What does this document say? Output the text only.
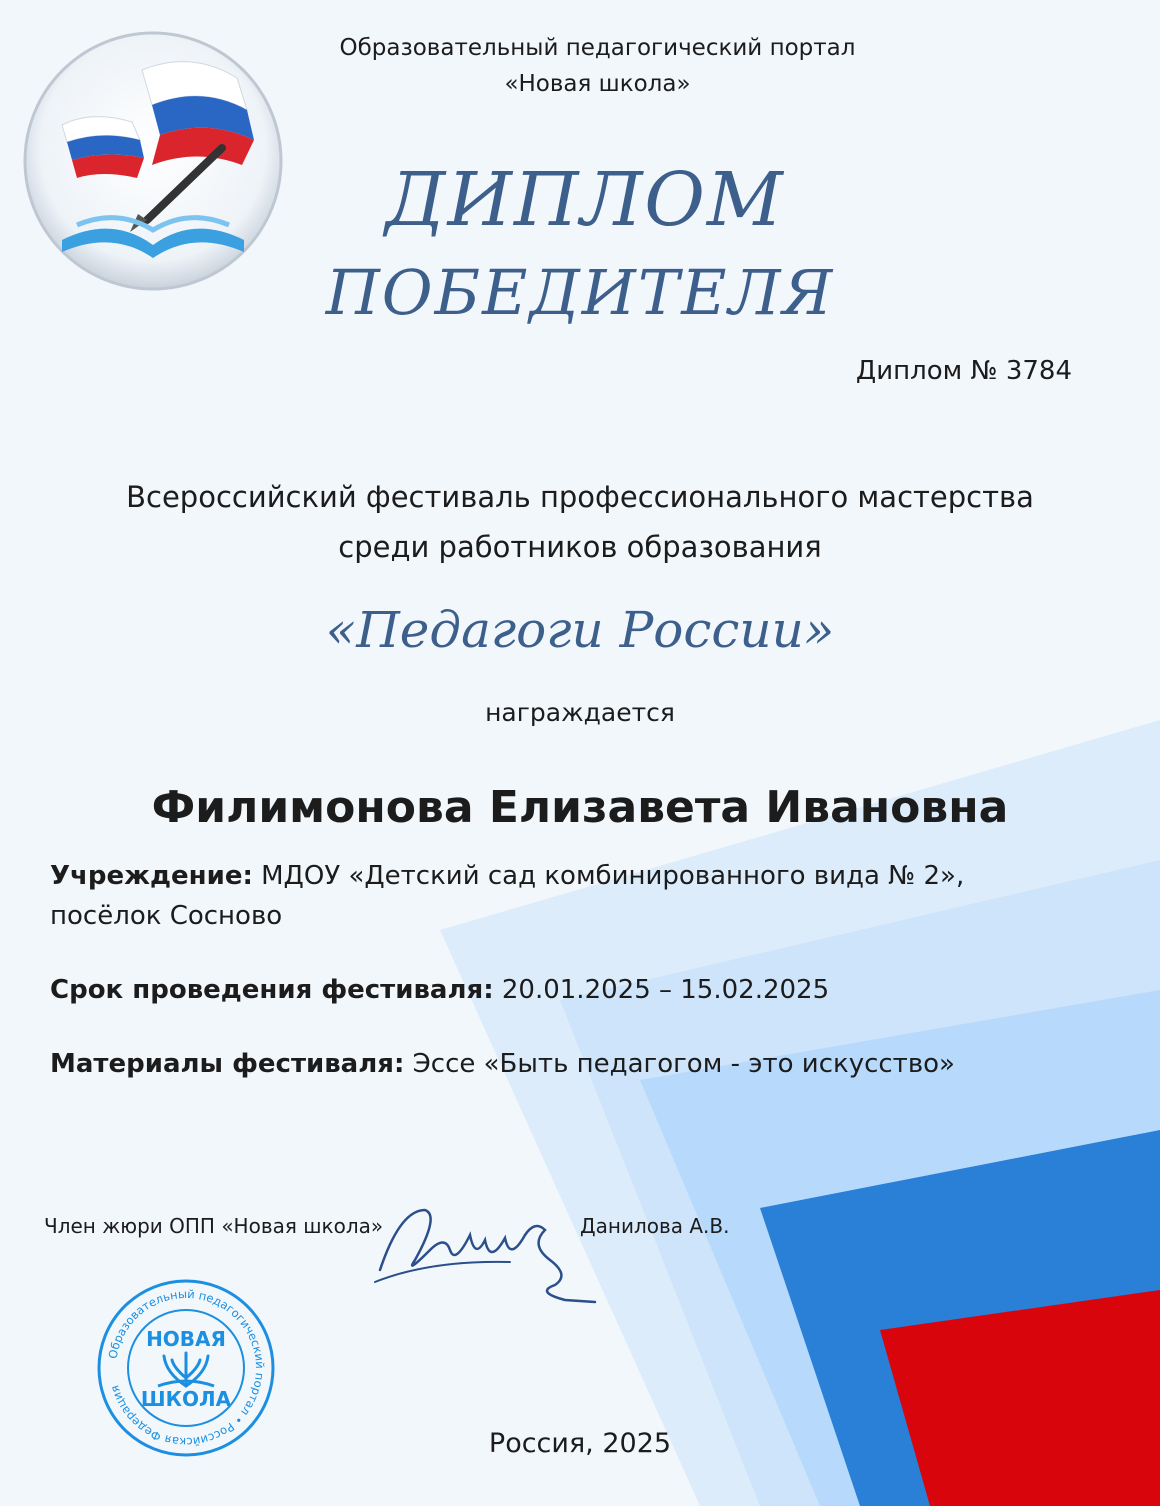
Образовательный педагогический портал
«Новая школа»
ДИПЛОМ
ПОБЕДИТЕЛЯ
Диплом № 3784
Всероссийский фестиваль профессионального мастерства
среди работников образования
«Педагоги России»
награждается
Филимонова Елизавета Ивановна
Учреждение: МДОУ «Детский сад комбинированного вида № 2»,
посёлок Сосново
Срок проведения фестиваля: 20.01.2025 – 15.02.2025
Материалы фестиваля: Эссе «Быть педагогом - это искусство»
Член жюри ОПП «Новая школа»	Данилова А.В.
Образовательный педагогический портал • Российская Федерация
НОВАЯ
ШКОЛА
Россия, 2025
